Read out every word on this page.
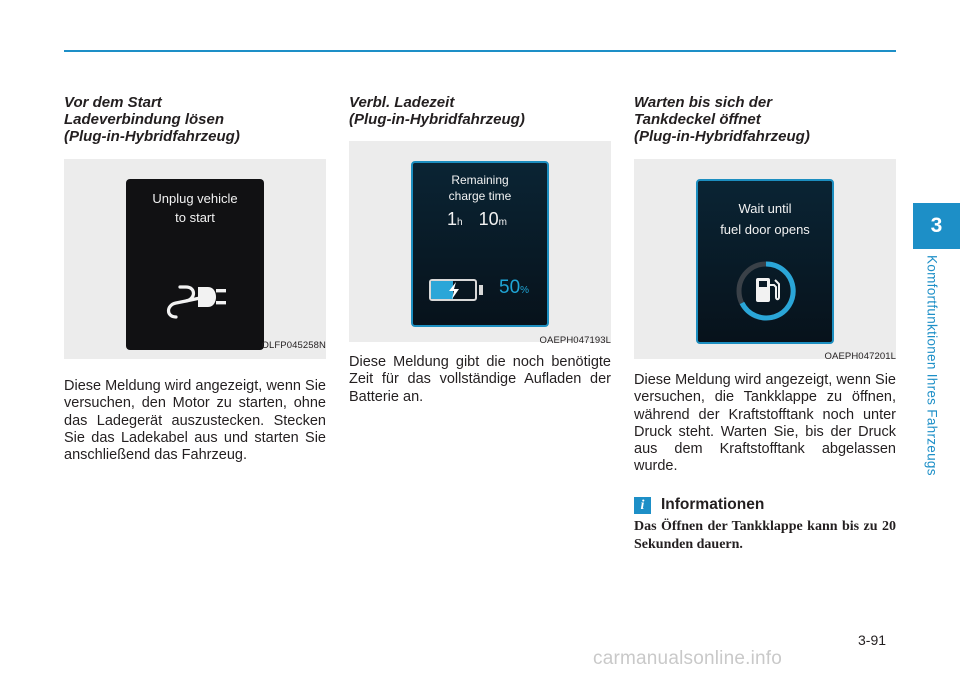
Vor dem Start
Ladeverbindung lösen
(Plug-in-Hybridfahrzeug)
Unplug vehicle
to start
OLFP045258N
Diese Meldung wird angezeigt, wenn Sie versuchen, den Motor zu starten, ohne das Ladegerät auszustecken. Stecken Sie das Ladekabel aus und starten Sie anschließend das Fahrzeug.
Verbl. Ladezeit
(Plug-in-Hybridfahrzeug)
Remaining
charge time
1h 10m
50%
OAEPH047193L
Diese Meldung gibt die noch benötigte Zeit für das vollständige Aufladen der Batterie an.
Warten bis sich der
Tankdeckel öffnet
(Plug-in-Hybridfahrzeug)
Wait until
fuel door opens
OAEPH047201L
Diese Meldung wird angezeigt, wenn Sie versuchen, die Tankklappe zu öffnen, während der Kraftstofftank noch unter Druck steht. Warten Sie, bis der Druck aus dem Kraftstofftank abgelassen wurde.
i	Informationen
Das Öffnen der Tankklappe kann bis zu 20 Sekunden dauern.
3
Komfortfunktionen Ihres Fahrzeugs
3-91
carmanualsonline.info
